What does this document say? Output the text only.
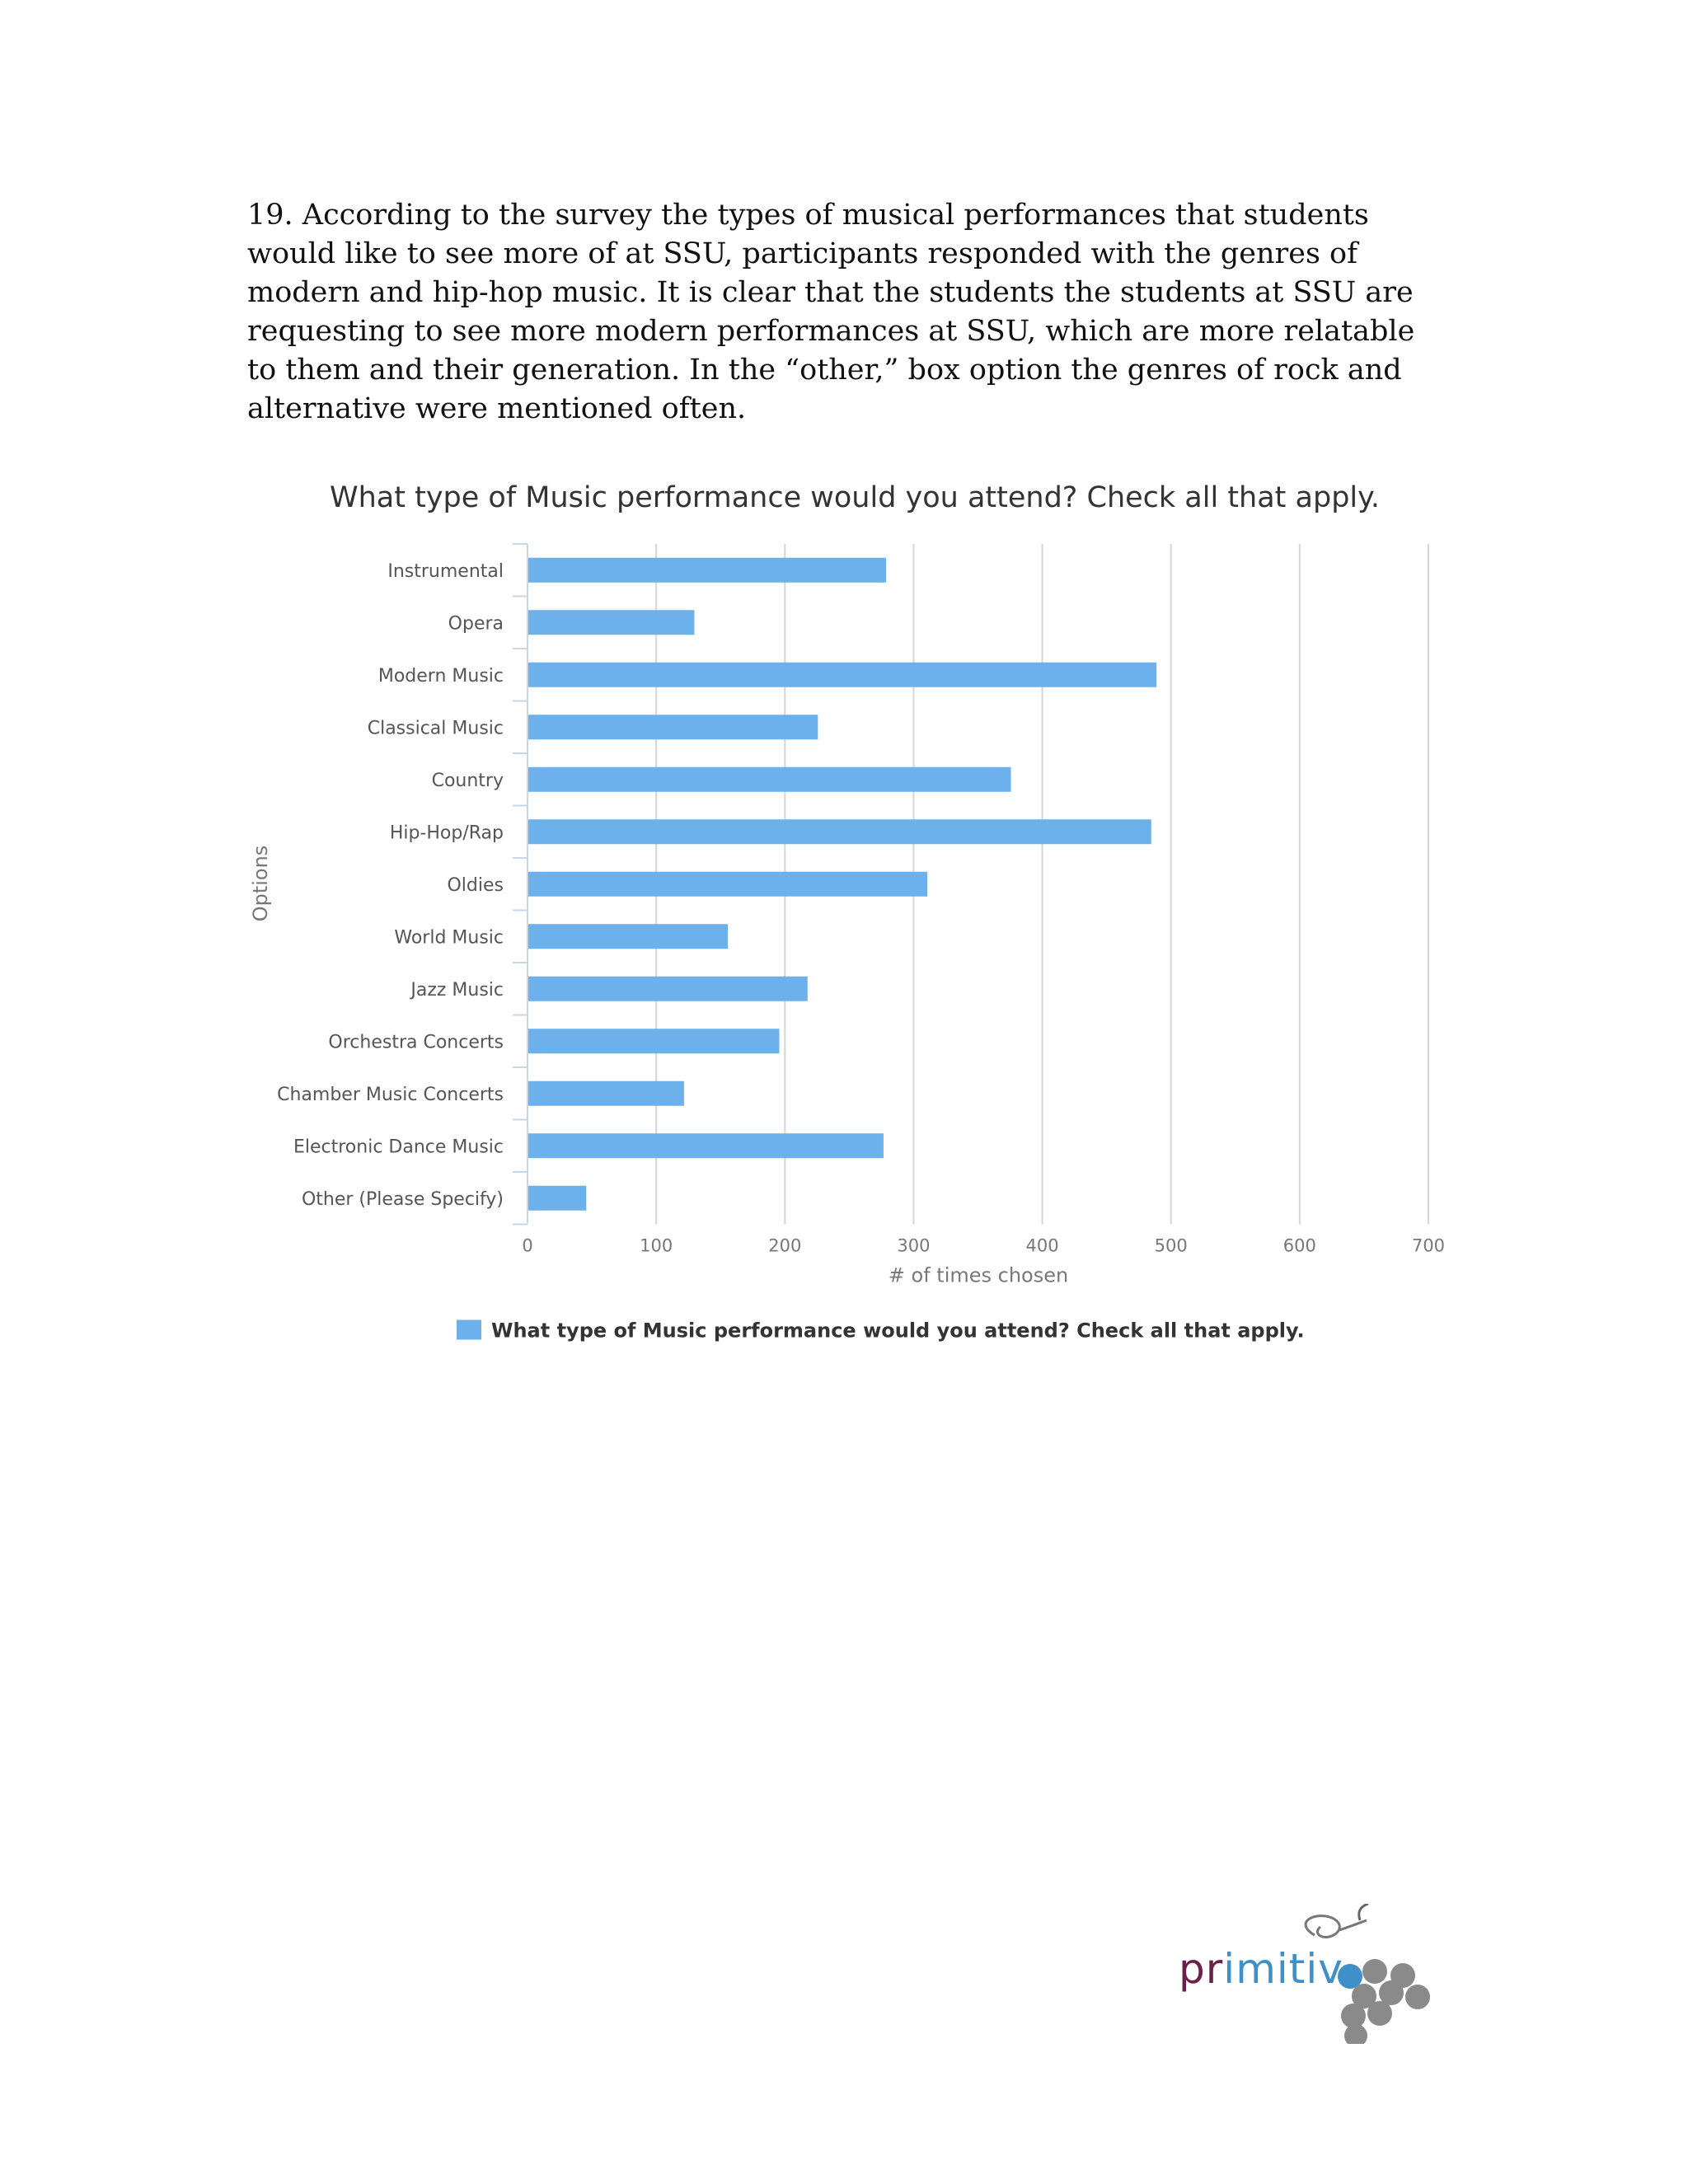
19. According to the survey the types of musical performances that students would like to see more of at SSU, participants responded with the genres of modern and hip-hop music. It is clear that the students the students at SSU are requesting to see more modern performances at SSU, which are more relatable to them and their generation. In the “other,” box option the genres of rock and alternative were mentioned often.

What type of Music performance would you attend? Check all that apply.
0	100	200	300	400	500	600	700
Instrumental
Opera
Modern Music
Classical Music
Country
Hip-Hop/Rap
Oldies
World Music
Jazz Music
Orchestra Concerts
Chamber Music Concerts
Electronic Dance Music
Other (Please Specify)
# of times chosen
Options
What type of Music performance would you attend? Check all that apply.
primitiv
